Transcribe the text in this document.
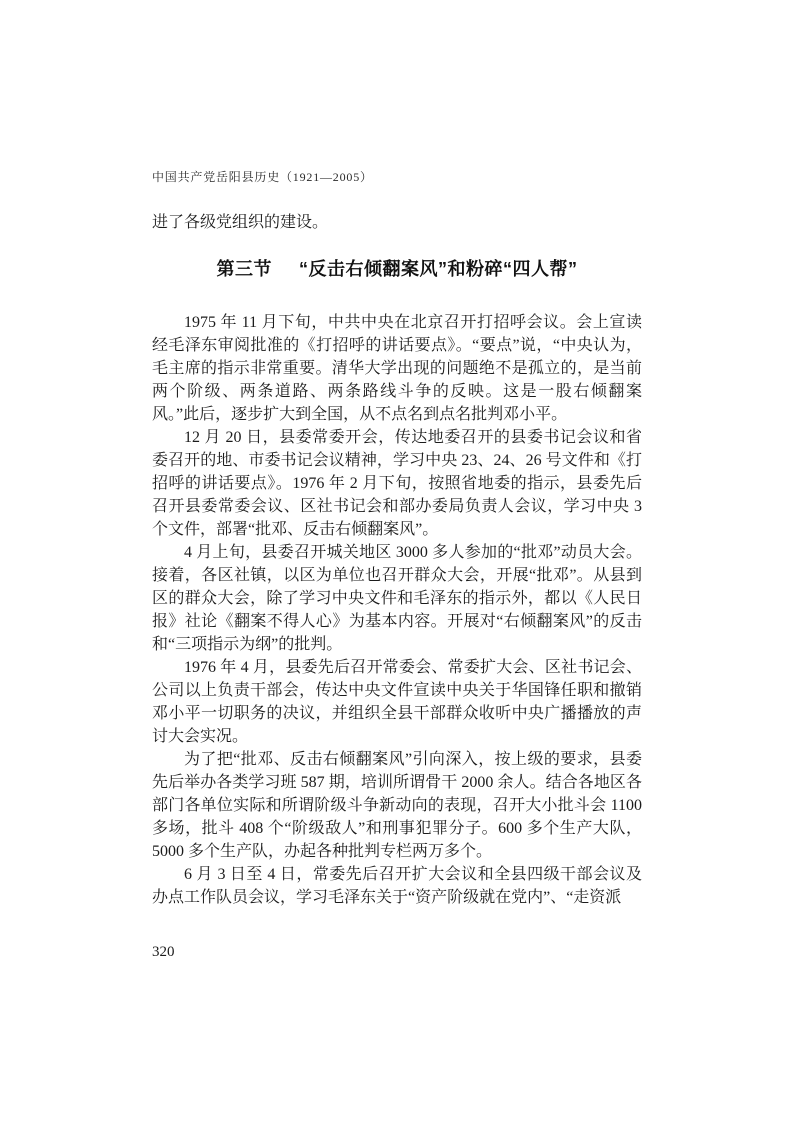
中国共产党岳阳县历史（1921—2005）

进了各级党组织的建设。

第三节 “反击右倾翻案风”和粉碎“四人帮”

1975 年 11 月下旬，中共中央在北京召开打招呼会议。会上宣读经毛泽东审阅批准的《打招呼的讲话要点》。“要点”说，“中央认为，毛主席的指示非常重要。清华大学出现的问题绝不是孤立的，是当前两个阶级、两条道路、两条路线斗争的反映。这是一股右倾翻案风。”此后，逐步扩大到全国，从不点名到点名批判邓小平。

12 月 20 日，县委常委开会，传达地委召开的县委书记会议和省委召开的地、市委书记会议精神，学习中央 23、24、26 号文件和《打招呼的讲话要点》。1976 年 2 月下旬，按照省地委的指示，县委先后召开县委常委会议、区社书记会和部办委局负责人会议，学习中央 3 个文件，部署“批邓、反击右倾翻案风”。

4 月上旬，县委召开城关地区 3000 多人参加的“批邓”动员大会。接着，各区社镇，以区为单位也召开群众大会，开展“批邓”。从县到区的群众大会，除了学习中央文件和毛泽东的指示外，都以《人民日报》社论《翻案不得人心》为基本内容。开展对“右倾翻案风”的反击和“三项指示为纲”的批判。

1976 年 4 月，县委先后召开常委会、常委扩大会、区社书记会、公司以上负责干部会，传达中央文件宣读中央关于华国锋任职和撤销邓小平一切职务的决议，并组织全县干部群众收听中央广播播放的声讨大会实况。

为了把“批邓、反击右倾翻案风”引向深入，按上级的要求，县委先后举办各类学习班 587 期，培训所谓骨干 2000 余人。结合各地区各部门各单位实际和所谓阶级斗争新动向的表现，召开大小批斗会 1100 多场，批斗 408 个“阶级敌人”和刑事犯罪分子。600 多个生产大队，5000 多个生产队，办起各种批判专栏两万多个。

6 月 3 日至 4 日，常委先后召开扩大会议和全县四级干部会议及办点工作队员会议，学习毛泽东关于“资产阶级就在党内”、“走资派

320
